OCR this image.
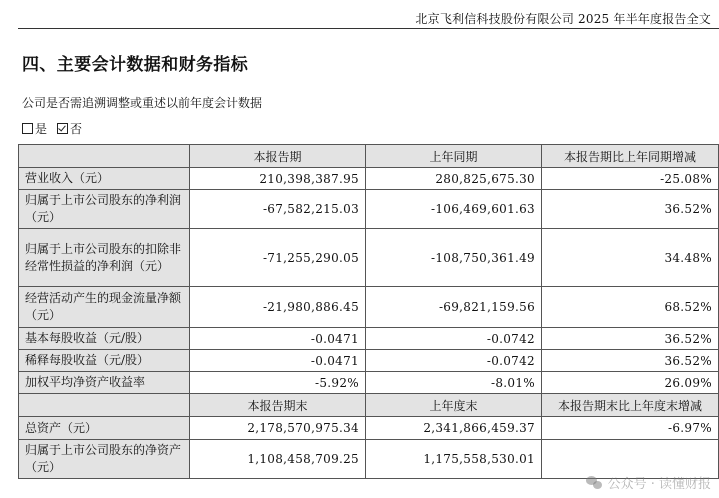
北京飞利信科技股份有限公司 2025 年半年度报告全文
四、主要会计数据和财务指标
公司是否需追溯调整或重述以前年度会计数据
是 否
	本报告期	上年同期	本报告期比上年同期增减
营业收入（元）	210,398,387.95	280,825,675.30	-25.08%
归属于上市公司股东的净利润（元）	-67,582,215.03	-106,469,601.63	36.52%
归属于上市公司股东的扣除非经常性损益的净利润（元）	-71,255,290.05	-108,750,361.49	34.48%
经营活动产生的现金流量净额（元）	-21,980,886.45	-69,821,159.56	68.52%
基本每股收益（元/股）	-0.0471	-0.0742	36.52%
稀释每股收益（元/股）	-0.0471	-0.0742	36.52%
加权平均净资产收益率	-5.92%	-8.01%	26.09%
	本报告期末	上年度末	本报告期末比上年度末增减
总资产（元）	2,178,570,975.34	2,341,866,459.37	-6.97%
归属于上市公司股东的净资产（元）	1,108,458,709.25	1,175,558,530.01	
公众号 · 读懂财报
